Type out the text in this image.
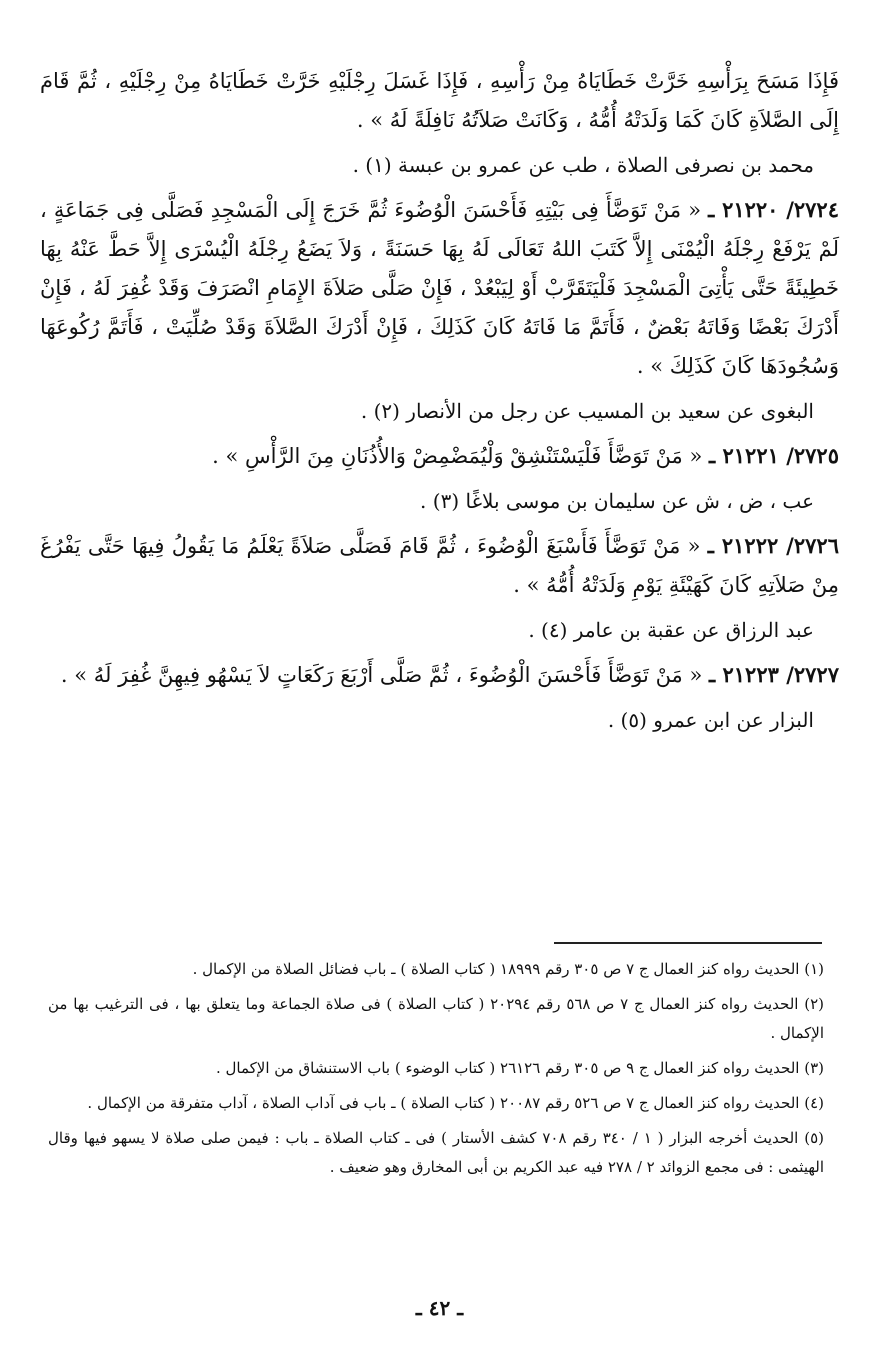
فَإِذَا مَسَحَ بِرَأْسِهِ خَرَّتْ خَطَايَاهُ مِنْ رَأْسِهِ ، فَإِذَا غَسَلَ رِجْلَيْهِ خَرَّتْ خَطَايَاهُ مِنْ رِجْلَيْهِ ، ثُمَّ قَامَ إِلَى الصَّلاَةِ كَانَ كَمَا وَلَدَتْهُ أُمُّهُ ، وَكَانَتْ صَلاَتُهُ نَافِلَةً لَهُ » .

محمد بن نصرفى الصلاة ، طب عن عمرو بن عبسة (١) .

٢٧٢٤/ ٢١٢٢٠ ـ « مَنْ تَوَضَّأَ فِى بَيْتِهِ فَأَحْسَنَ الْوُضُوءَ ثُمَّ خَرَجَ إِلَى الْمَسْجِدِ فَصَلَّى فِى جَمَاعَةٍ ، لَمْ يَرْفَعْ رِجْلَهُ الْيُمْنَى إِلاَّ كَتَبَ اللهُ تَعَالَى لَهُ بِهَا حَسَنَةً ، وَلاَ يَضَعُ رِجْلَهُ الْيُسْرَى إِلاَّ حَطَّ عَنْهُ بِهَا خَطِيئَةً حَتَّى يَأْتِىَ الْمَسْجِدَ فَلْيَتَقَرَّبْ أَوْ لِيَبْعُدْ ، فَإِنْ صَلَّى صَلاَةَ الإِمَامِ انْصَرَفَ وَقَدْ غُفِرَ لَهُ ، فَإِنْ أَدْرَكَ بَعْضًا وَفَاتَهُ بَعْضٌ ، فَأَتَمَّ مَا فَاتَهُ كَانَ كَذَلِكَ ، فَإِنْ أَدْرَكَ الصَّلاَةَ وَقَدْ صُلِّيَتْ ، فَأَتَمَّ رُكُوعَهَا وَسُجُودَهَا كَانَ كَذَلِكَ » .

البغوى عن سعيد بن المسيب عن رجل من الأنصار (٢) .

٢٧٢٥/ ٢١٢٢١ ـ « مَنْ تَوَضَّأَ فَلْيَسْتَنْشِقْ وَلْيُمَضْمِضْ وَالأُذُنَانِ مِنَ الرَّأْسِ » .

عب ، ض ، ش عن سليمان بن موسى بلاغًا (٣) .

٢٧٢٦/ ٢١٢٢٢ ـ « مَنْ تَوَضَّأَ فَأَسْبَغَ الْوُضُوءَ ، ثُمَّ قَامَ فَصَلَّى صَلاَةً يَعْلَمُ مَا يَقُولُ فِيهَا حَتَّى يَفْرُغَ مِنْ صَلاَتِهِ كَانَ كَهَيْئَةِ يَوْمِ وَلَدَتْهُ أُمُّهُ » .

عبد الرزاق عن عقبة بن عامر (٤) .

٢٧٢٧/ ٢١٢٢٣ ـ « مَنْ تَوَضَّأَ فَأَحْسَنَ الْوُضُوءَ ، ثُمَّ صَلَّى أَرْبَعَ رَكَعَاتٍ لاَ يَسْهُو فِيهِنَّ غُفِرَ لَهُ » .

البزار عن ابن عمرو (٥) .

(١) الحديث رواه كنز العمال ج ٧ ص ٣٠٥ رقم ١٨٩٩٩ ( كتاب الصلاة ) ـ باب فضائل الصلاة من الإكمال .

(٢) الحديث رواه كنز العمال ج ٧ ص ٥٦٨ رقم ٢٠٢٩٤ ( كتاب الصلاة ) فى صلاة الجماعة وما يتعلق بها ، فى الترغيب بها من الإكمال .

(٣) الحديث رواه كنز العمال ج ٩ ص ٣٠٥ رقم ٢٦١٢٦ ( كتاب الوضوء ) باب الاستنشاق من الإكمال .

(٤) الحديث رواه كنز العمال ج ٧ ص ٥٢٦ رقم ٢٠٠٨٧ ( كتاب الصلاة ) ـ باب فى آداب الصلاة ، آداب متفرقة من الإكمال .

(٥) الحديث أخرجه البزار ( ١ / ٣٤٠ رقم ٧٠٨ كشف الأستار ) فى ـ كتاب الصلاة ـ باب : فيمن صلى صلاة لا يسهو فيها وقال الهيثمى : فى مجمع الزوائد ٢ / ٢٧٨ فيه عبد الكريم بن أبى المخارق وهو ضعيف .

ـ ٤٢ ـ
